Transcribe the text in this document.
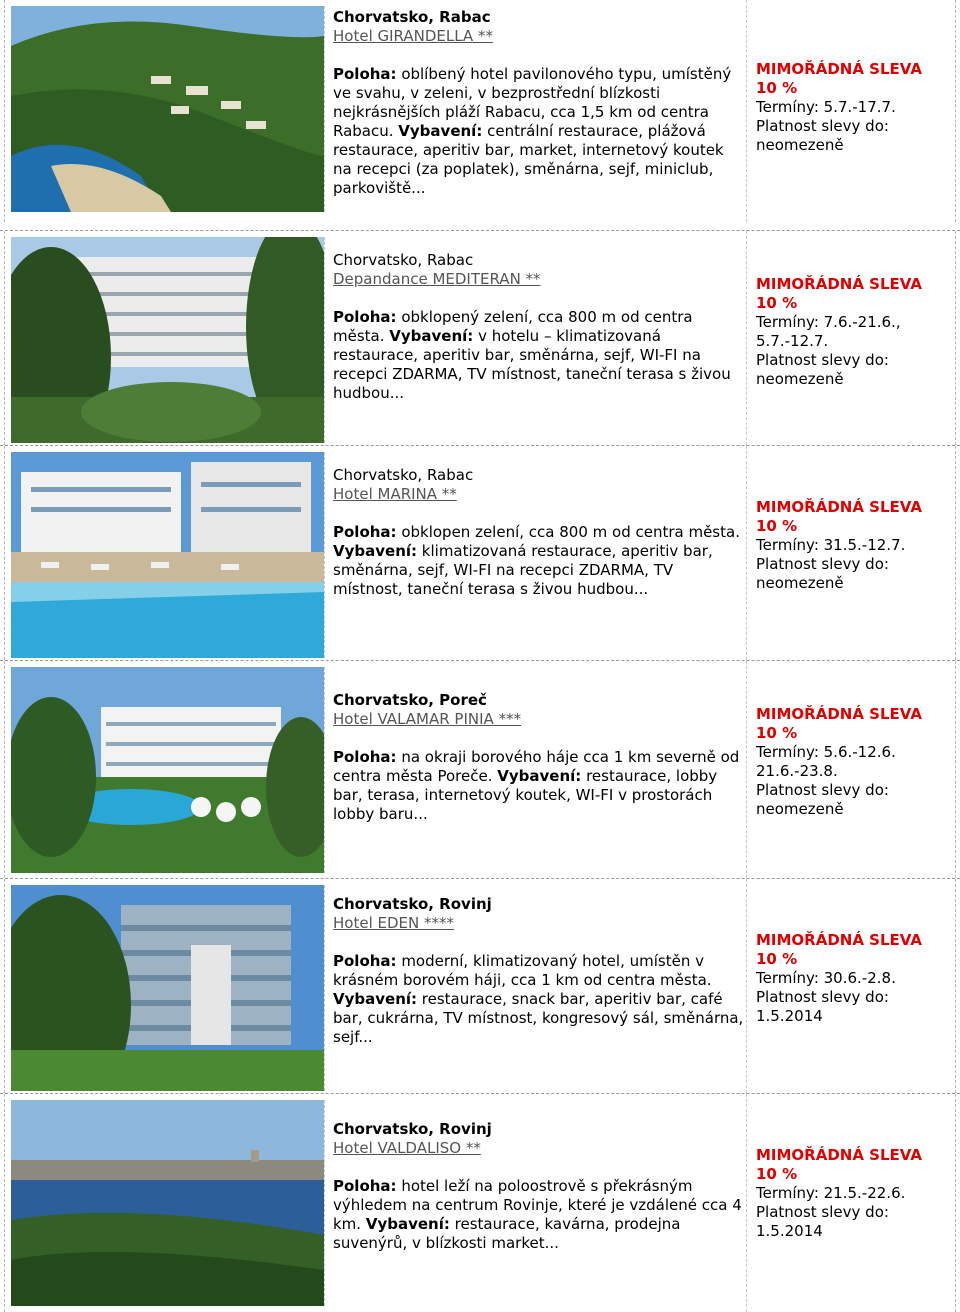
Chorvatsko, Rabac
Hotel GIRANDELLA **
Poloha: oblíbený hotel pavilonového typu, umístěný ve svahu, v zeleni, v bezprostřední blízkosti nejkrásnějších pláží Rabacu, cca 1,5 km od centra Rabacu. Vybavení: centrální restaurace, plážová restaurace, aperitiv bar, market, internetový koutek na recepci (za poplatek), směnárna, sejf, miniclub, parkoviště...
MIMOŘÁDNÁ SLEVA
10 %
Termíny: 5.7.-17.7.
Platnost slevy do:
neomezeně
Chorvatsko, Rabac
Depandance MEDITERAN **
Poloha: obklopený zelení, cca 800 m od centra města. Vybavení: v hotelu – klimatizovaná restaurace, aperitiv bar, směnárna, sejf, WI-FI na recepci ZDARMA, TV místnost, taneční terasa s živou hudbou...
MIMOŘÁDNÁ SLEVA
10 %
Termíny: 7.6.-21.6., 5.7.-12.7.
Platnost slevy do:
neomezeně
Chorvatsko, Rabac
Hotel MARINA **
Poloha: obklopen zelení, cca 800 m od centra města. Vybavení: klimatizovaná restaurace, aperitiv bar, směnárna, sejf, WI-FI na recepci ZDARMA, TV místnost, taneční terasa s živou hudbou...
MIMOŘÁDNÁ SLEVA
10 %
Termíny: 31.5.-12.7.
Platnost slevy do:
neomezeně
Chorvatsko, Poreč
Hotel VALAMAR PINIA ***
Poloha: na okraji borového háje cca 1 km severně od centra města Poreče. Vybavení: restaurace, lobby bar, terasa, internetový koutek, WI-FI v prostorách lobby baru...
MIMOŘÁDNÁ SLEVA
10 %
Termíny: 5.6.-12.6. 21.6.-23.8.
Platnost slevy do:
neomezeně
Chorvatsko, Rovinj
Hotel EDEN ****
Poloha: moderní, klimatizovaný hotel, umístěn v krásném borovém háji, cca 1 km od centra města. Vybavení: restaurace, snack bar, aperitiv bar, café bar, cukrárna, TV místnost, kongresový sál, směnárna, sejf...
MIMOŘÁDNÁ SLEVA
10 %
Termíny: 30.6.-2.8.
Platnost slevy do:
1.5.2014
Chorvatsko, Rovinj
Hotel VALDALISO **
Poloha: hotel leží na poloostrově s překrásným výhledem na centrum Rovinje, které je vzdálené cca 4 km. Vybavení: restaurace, kavárna, prodejna suvenýrů, v blízkosti market...
MIMOŘÁDNÁ SLEVA
10 %
Termíny: 21.5.-22.6.
Platnost slevy do:
1.5.2014
